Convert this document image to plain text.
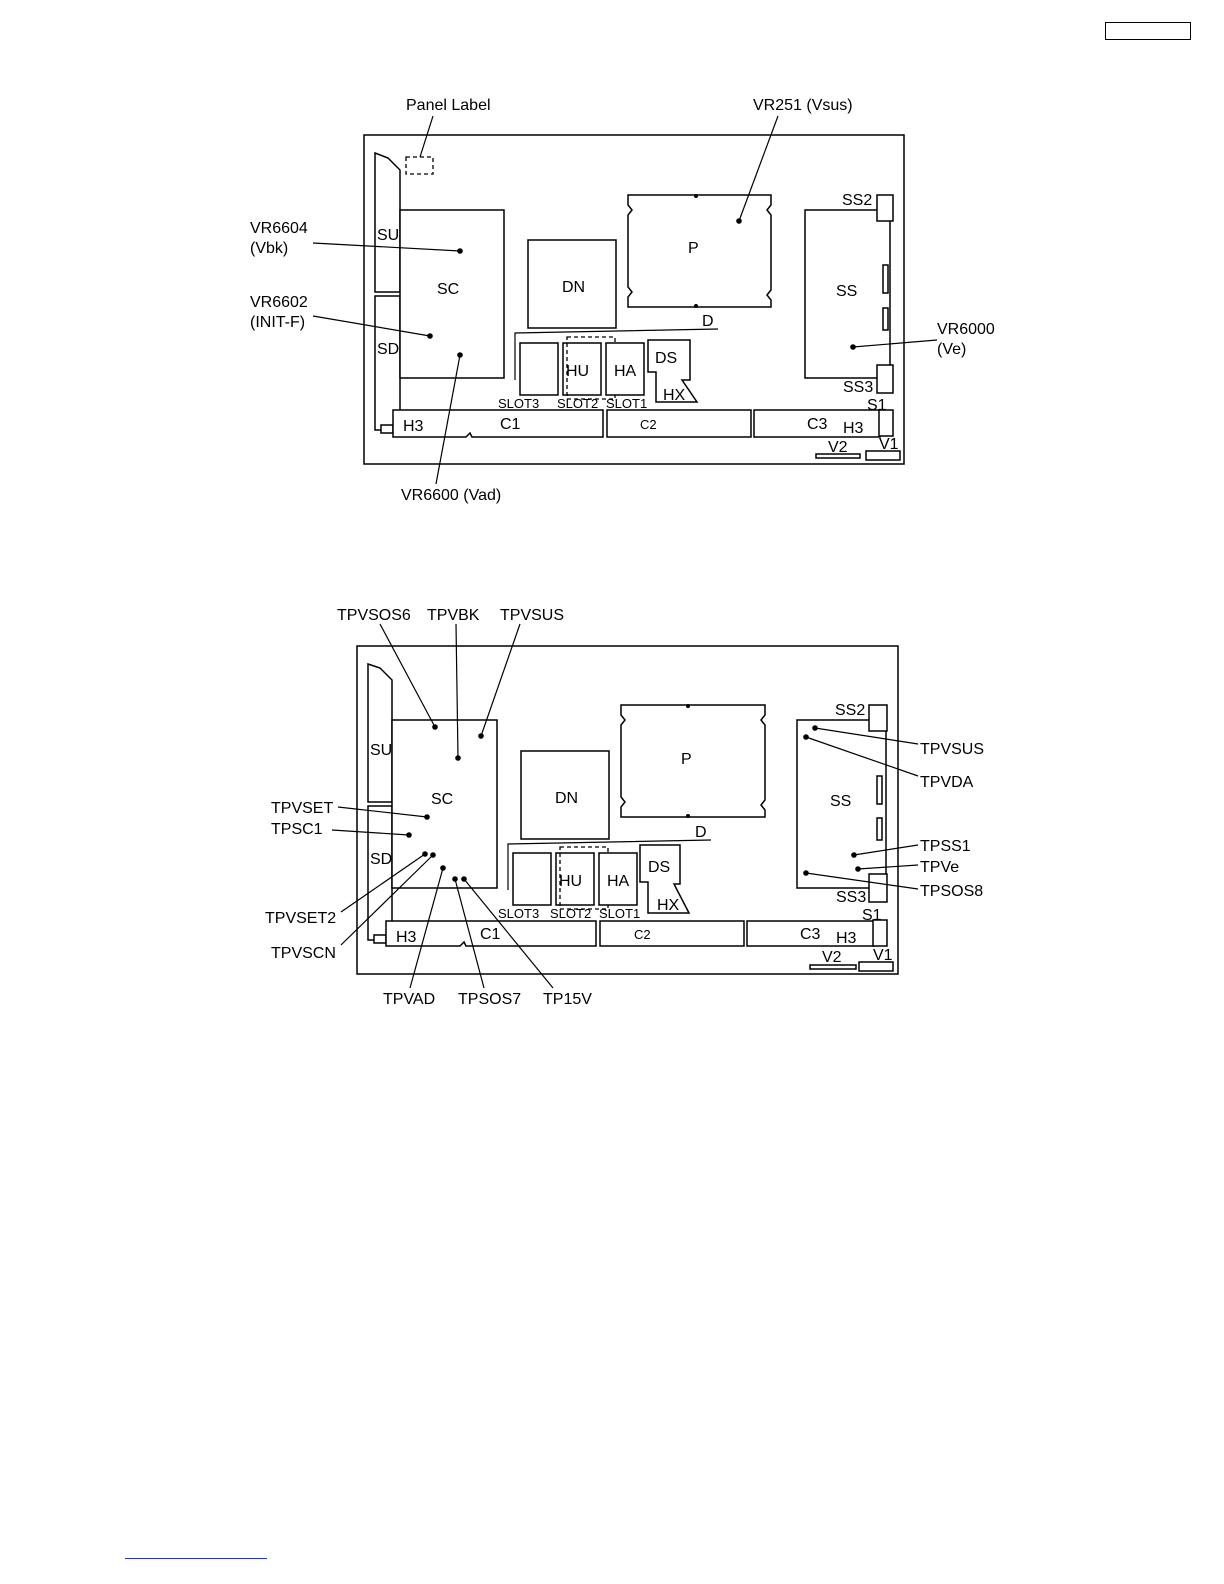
SU
SD
SC	DN
P
SS
SS2
SS3
D
DS
HU HA
HX
SLOT3 SLOT2 SLOT1
H3	C1	C2	C3 H3
S1
V2 V1
Panel Label	VR251 (Vsus)
VR6604
(Vbk)
VR6602
(INIT-F)	VR6000
(Ve)
VR6600 (Vad)
SU
SD
SC	DN
P
SS
SS2
SS3
D
DS
HU HA
HX
SLOT3 SLOT2 SLOT1
H3	C1	C2	C3 H3
S1
V2 V1
TPVSOS6 TPVBK TPVSUS
TPVSET
TPSC1
TPVSET2
TPVSCN
TPVAD TPSOS7 TP15V
TPVSUS
TPVDA
TPSS1
TPVe
TPSOS8
